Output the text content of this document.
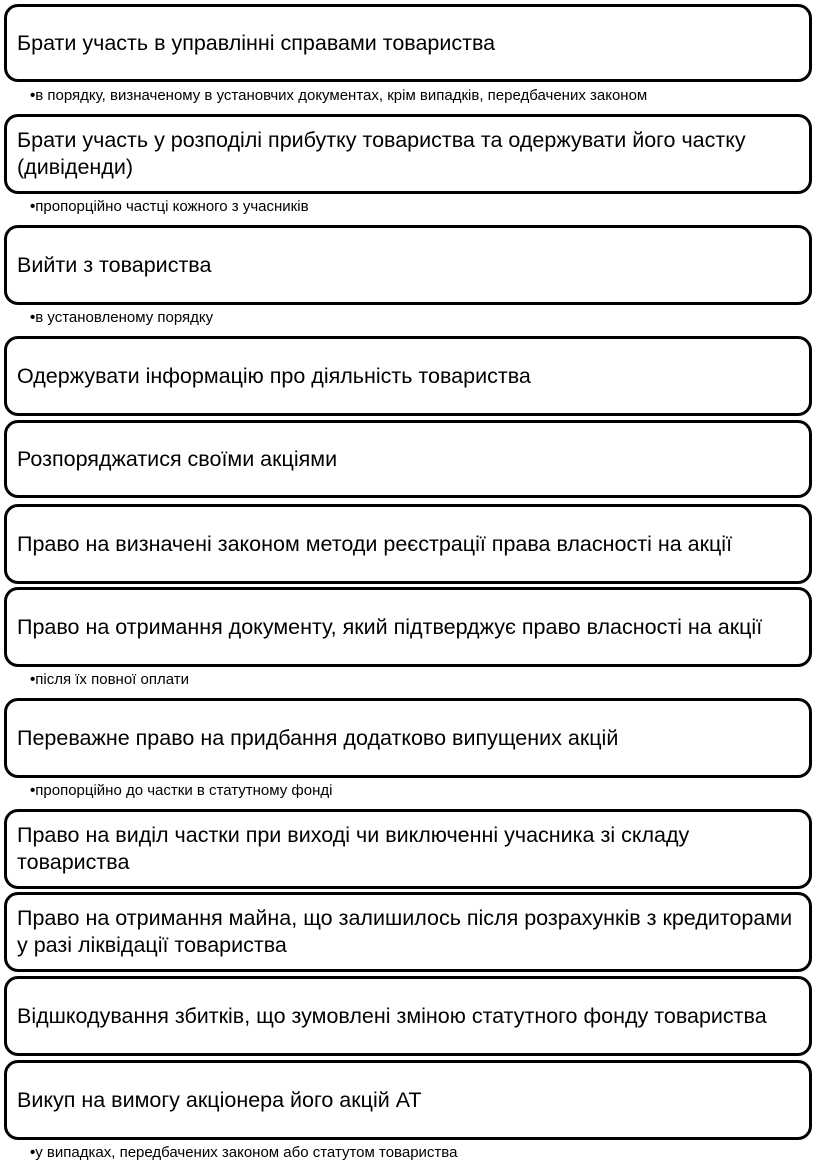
Брати участь в управлінні справами товариства
•в порядку, визначеному в установчих документах, крім випадків, передбачених законом
Брати участь у розподілі прибутку товариства та одержувати його частку (дивіденди)
•пропорційно частці кожного з учасників
Вийти з товариства
•в установленому порядку
Одержувати інформацію про діяльність товариства
Розпоряджатися своїми акціями
Право на визначені законом методи реєстрації права власності на акції
Право на отримання документу, який підтверджує право власності на акції
•після їх повної оплати
Переважне право на придбання додатково випущених акцій
•пропорційно до частки в статутному фонді
Право на виділ частки при виході чи виключенні учасника зі складу товариства
Право на отримання майна, що залишилось після розрахунків з кредиторами у разі ліквідації товариства
Відшкодування збитків, що зумовлені зміною статутного фонду товариства
Викуп на вимогу акціонера його акцій АТ
•у випадках, передбачених законом або статутом товариства
